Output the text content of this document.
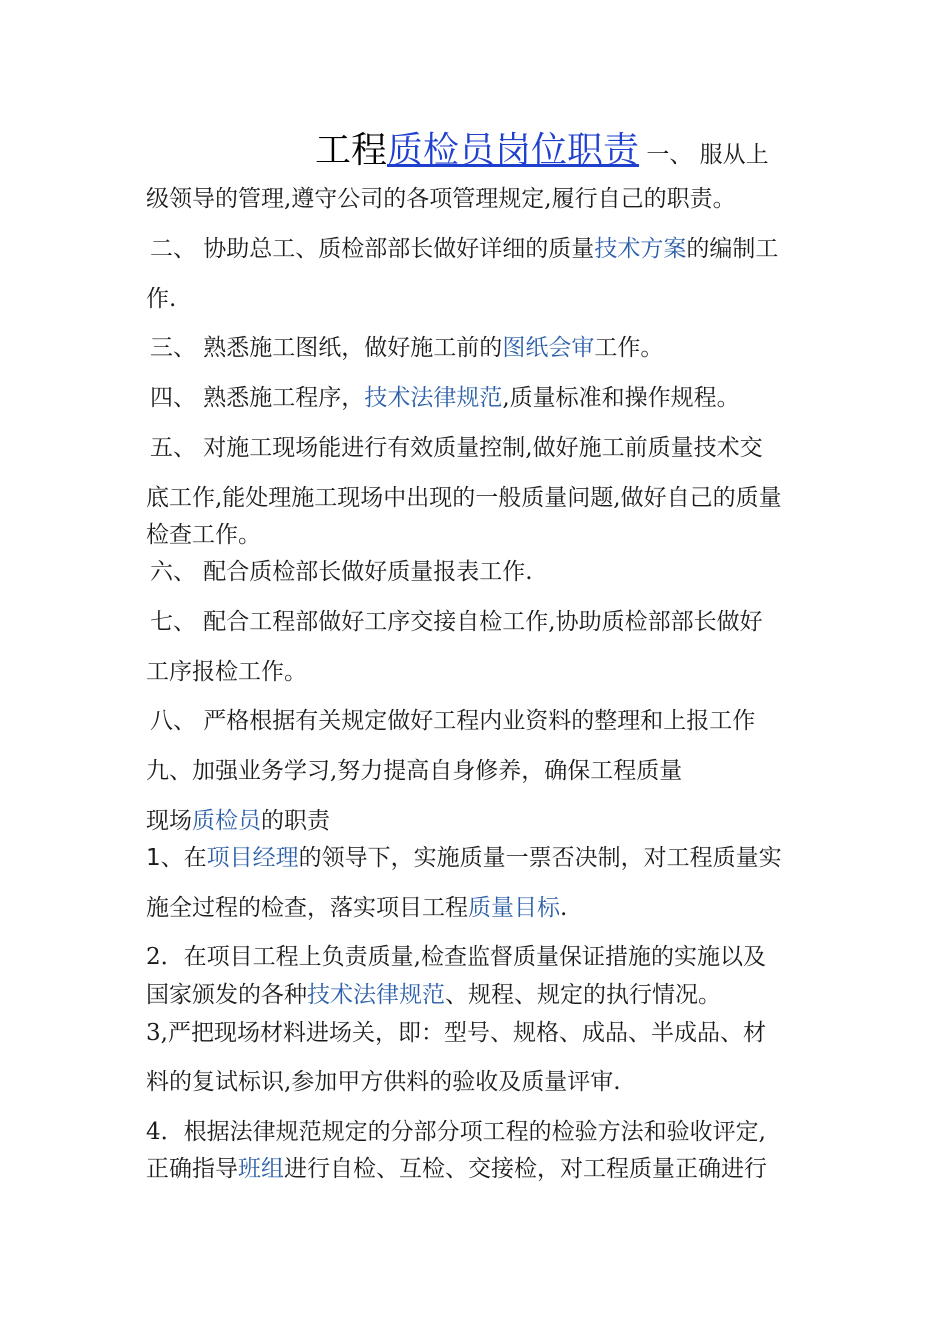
工程质检员岗位职责 一、 服从上
级领导的管理,遵守公司的各项管理规定,履行自己的职责。
二、 协助总工、质检部部长做好详细的质量技术方案的编制工
作.
三、 熟悉施工图纸，做好施工前的图纸会审工作。
四、 熟悉施工程序，技术法律规范,质量标准和操作规程。
五、 对施工现场能进行有效质量控制,做好施工前质量技术交
底工作,能处理施工现场中出现的一般质量问题,做好自己的质量
检查工作。
六、 配合质检部长做好质量报表工作.
七、 配合工程部做好工序交接自检工作,协助质检部部长做好
工序报检工作。
八、 严格根据有关规定做好工程内业资料的整理和上报工作
九、加强业务学习,努力提高自身修养，确保工程质量
现场质检员的职责
1、在项目经理的领导下，实施质量一票否决制，对工程质量实
施全过程的检查，落实项目工程质量目标.
2．在项目工程上负责质量,检查监督质量保证措施的实施以及
国家颁发的各种技术法律规范、规程、规定的执行情况。
3,严把现场材料进场关，即：型号、规格、成品、半成品、材
料的复试标识,参加甲方供料的验收及质量评审.
4．根据法律规范规定的分部分项工程的检验方法和验收评定,
正确指导班组进行自检、互检、交接检，对工程质量正确进行
